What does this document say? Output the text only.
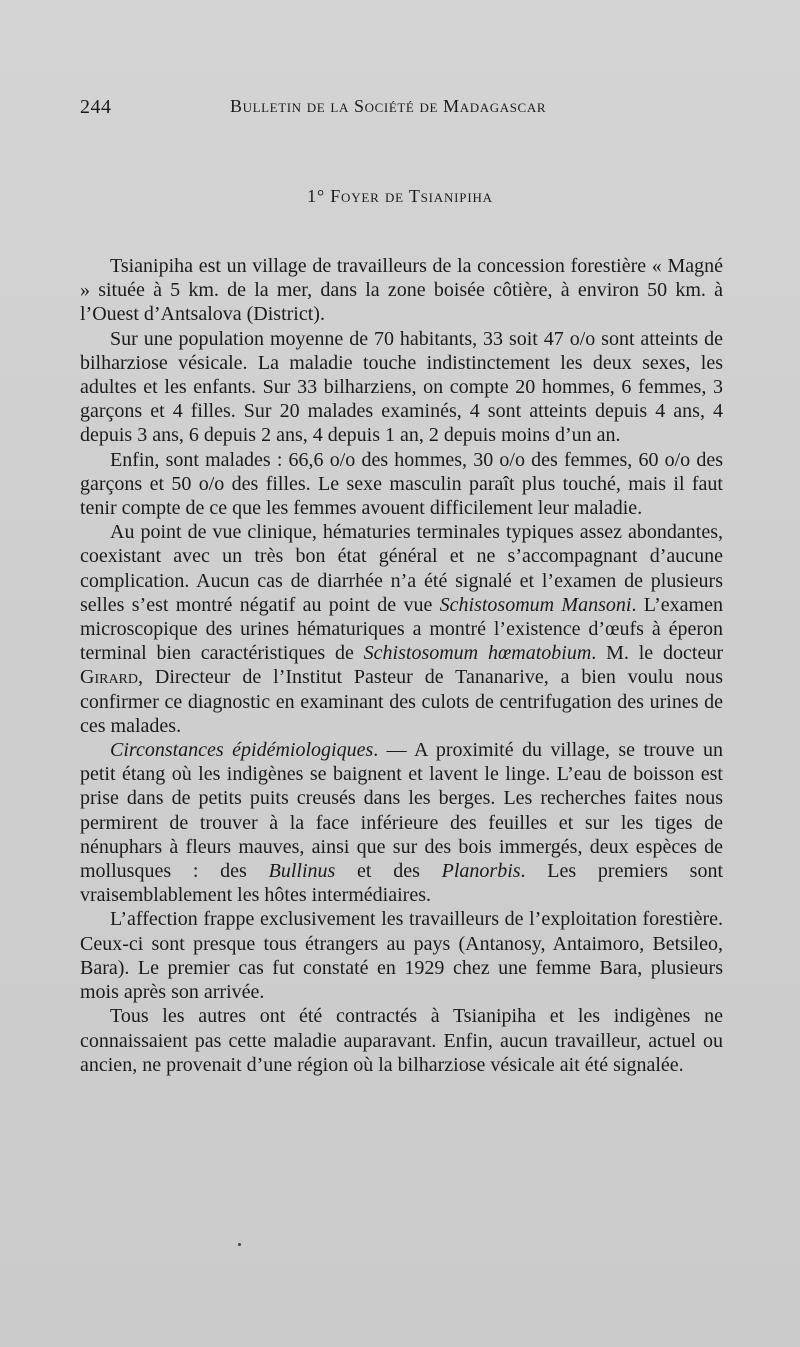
244	Bulletin de la Société de Madagascar
1° Foyer de Tsianipiha

Tsianipiha est un village de travailleurs de la concession forestière « Magné » située à 5 km. de la mer, dans la zone boisée côtière, à environ 50 km. à l’Ouest d’Antsalova (District).

Sur une population moyenne de 70 habitants, 33 soit 47 o/o sont atteints de bilharziose vésicale. La maladie touche indistinctement les deux sexes, les adultes et les enfants. Sur 33 bilharziens, on compte 20 hommes, 6 femmes, 3 garçons et 4 filles. Sur 20 malades examinés, 4 sont atteints depuis 4 ans, 4 depuis 3 ans, 6 depuis 2 ans, 4 depuis 1 an, 2 depuis moins d’un an.

Enfin, sont malades : 66,6 o/o des hommes, 30 o/o des femmes, 60 o/o des garçons et 50 o/o des filles. Le sexe masculin paraît plus touché, mais il faut tenir compte de ce que les femmes avouent difficilement leur maladie.

Au point de vue clinique, hématuries terminales typiques assez abondantes, coexistant avec un très bon état général et ne s’accompagnant d’aucune complication. Aucun cas de diarrhée n’a été signalé et l’examen de plusieurs selles s’est montré négatif au point de vue Schistosomum Mansoni. L’examen microscopique des urines hématuriques a montré l’existence d’œufs à éperon terminal bien caractéristiques de Schistosomum hœmatobium. M. le docteur Girard, Directeur de l’Institut Pasteur de Tananarive, a bien voulu nous confirmer ce diagnostic en examinant des culots de centrifugation des urines de ces malades.

Circonstances épidémiologiques. — A proximité du village, se trouve un petit étang où les indigènes se baignent et lavent le linge. L’eau de boisson est prise dans de petits puits creusés dans les berges. Les recherches faites nous permirent de trouver à la face inférieure des feuilles et sur les tiges de nénuphars à fleurs mauves, ainsi que sur des bois immergés, deux espèces de mollusques : des Bullinus et des Planorbis. Les premiers sont vraisemblablement les hôtes intermédiaires.

L’affection frappe exclusivement les travailleurs de l’exploitation forestière. Ceux-ci sont presque tous étrangers au pays (Antanosy, Antaimoro, Betsileo, Bara). Le premier cas fut constaté en 1929 chez une femme Bara, plusieurs mois après son arrivée.

Tous les autres ont été contractés à Tsianipiha et les indigènes ne connaissaient pas cette maladie auparavant. Enfin, aucun travailleur, actuel ou ancien, ne provenait d’une région où la bilharziose vésicale ait été signalée.
